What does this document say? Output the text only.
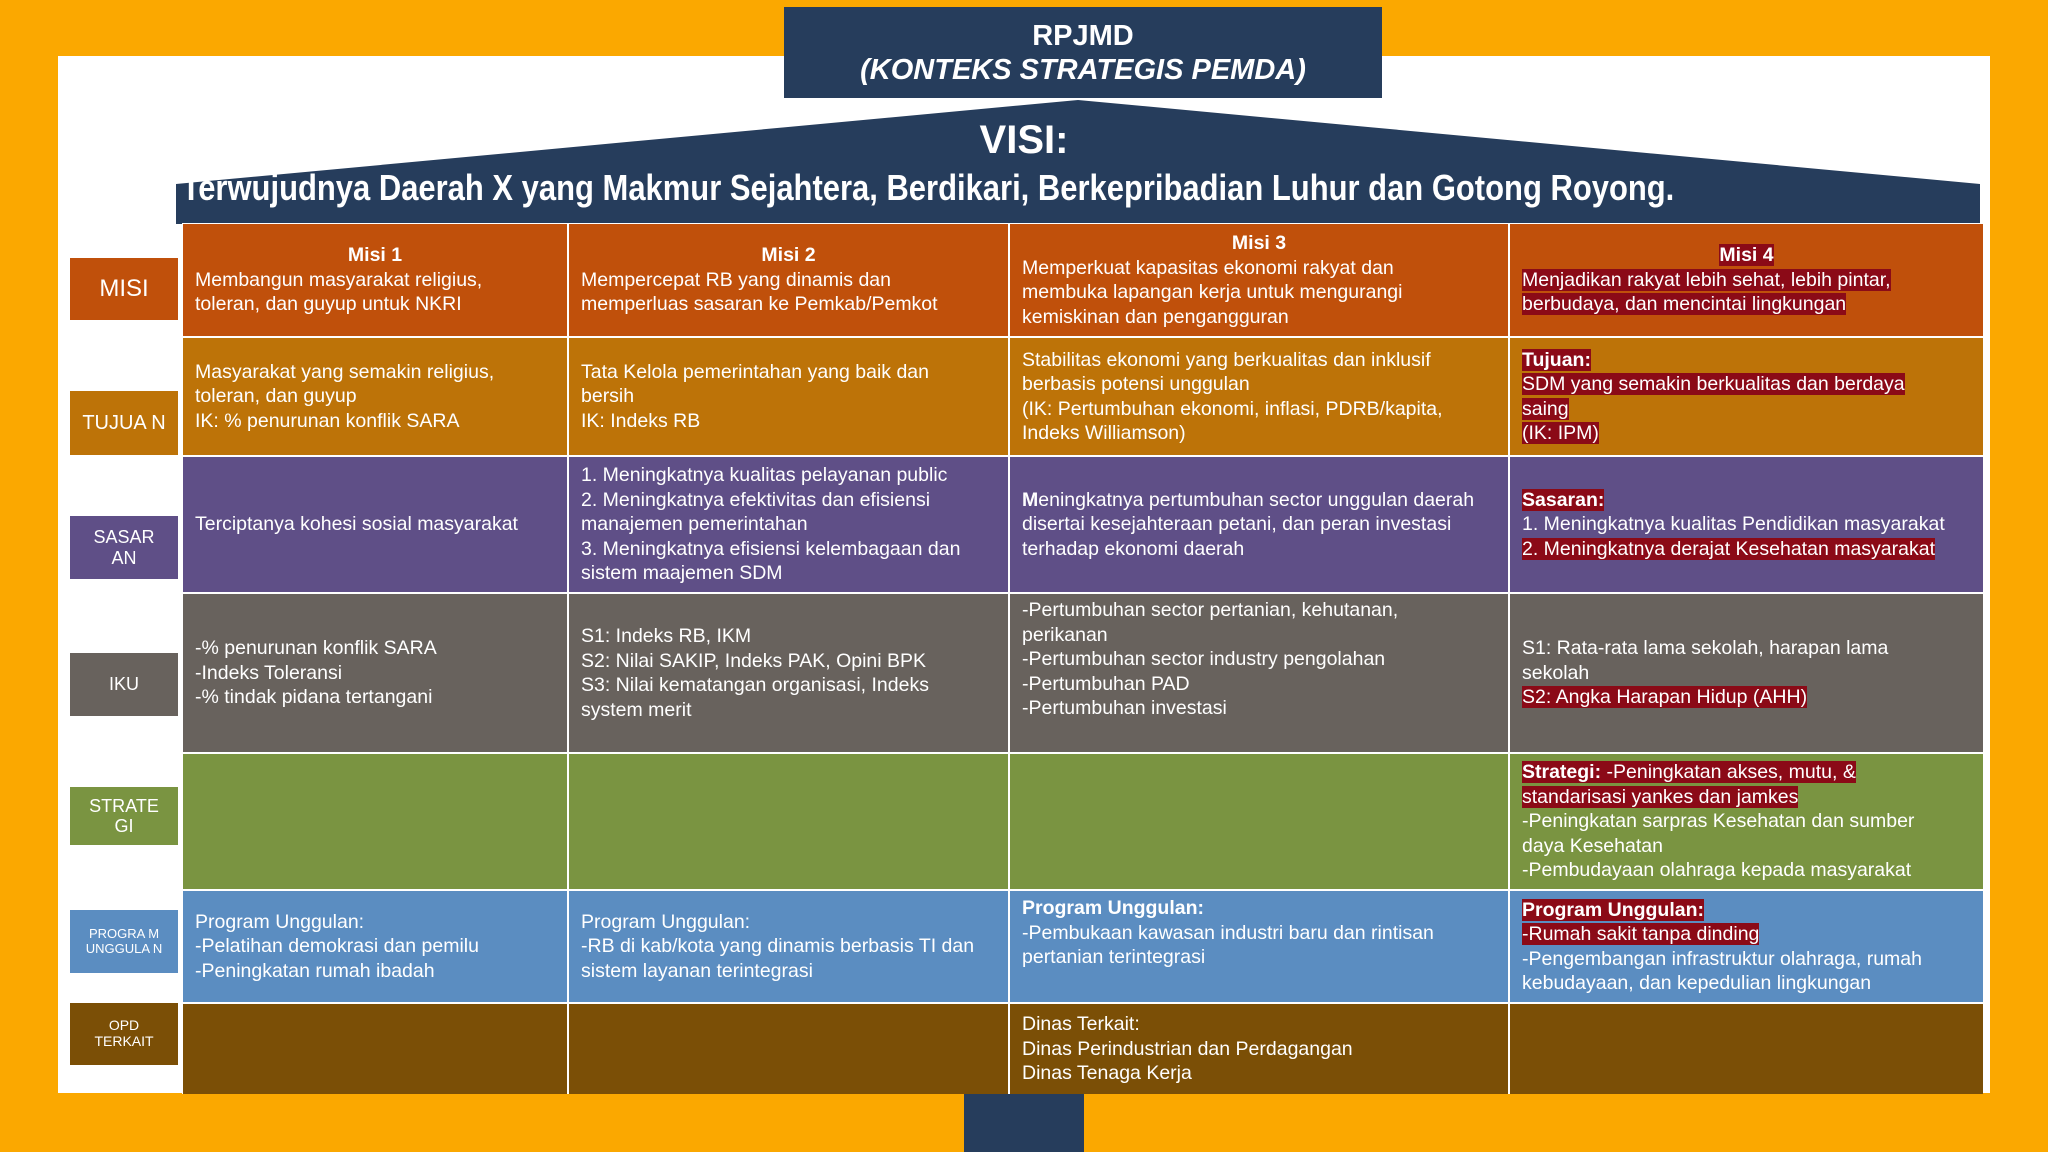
RPJMD
(KONTEKS STRATEGIS PEMDA)
VISI:
Terwujudnya Daerah X yang Makmur Sejahtera, Berdikari, Berkepribadian Luhur dan Gotong Royong.
MISI
TUJUA N
SASAR AN
IKU
STRATE GI
PROGRA M UNGGULA N
OPD TERKAIT
Misi 1
Membangun masyarakat religius,
toleran, dan guyup untuk NKRI
Misi 2
Mempercepat RB yang dinamis dan
memperluas sasaran ke Pemkab/Pemkot
Misi 3
Memperkuat kapasitas ekonomi rakyat dan
membuka lapangan kerja untuk mengurangi
kemiskinan dan pengangguran
Misi 4
Menjadikan rakyat lebih sehat, lebih pintar,
berbudaya, dan mencintai lingkungan
Masyarakat yang semakin religius,
toleran, dan guyup
IK: % penurunan konflik SARA
Tata Kelola pemerintahan yang baik dan
bersih
IK: Indeks RB
Stabilitas ekonomi yang berkualitas dan inklusif
berbasis potensi unggulan
(IK: Pertumbuhan ekonomi, inflasi, PDRB/kapita,
Indeks Williamson)
Tujuan:
SDM yang semakin berkualitas dan berdaya
saing
(IK: IPM)
Terciptanya kohesi sosial masyarakat
1. Meningkatnya kualitas pelayanan public
2. Meningkatnya efektivitas dan efisiensi
manajemen pemerintahan
3. Meningkatnya efisiensi kelembagaan dan
sistem maajemen SDM
Meningkatnya pertumbuhan sector unggulan daerah
disertai kesejahteraan petani, dan peran investasi
terhadap ekonomi daerah
Sasaran:
1. Meningkatnya kualitas Pendidikan masyarakat
2. Meningkatnya derajat Kesehatan masyarakat
-% penurunan konflik SARA
-Indeks Toleransi
-% tindak pidana tertangani
S1: Indeks RB, IKM
S2: Nilai SAKIP, Indeks PAK, Opini BPK
S3: Nilai kematangan organisasi, Indeks
system merit
-Pertumbuhan sector pertanian, kehutanan,
perikanan
-Pertumbuhan sector industry pengolahan
-Pertumbuhan PAD
-Pertumbuhan investasi
S1: Rata-rata lama sekolah, harapan lama
sekolah
S2: Angka Harapan Hidup (AHH)
Strategi: -Peningkatan akses, mutu, &
standarisasi yankes dan jamkes
-Peningkatan sarpras Kesehatan dan sumber
daya Kesehatan
-Pembudayaan olahraga kepada masyarakat
Program Unggulan:
-Pelatihan demokrasi dan pemilu
-Peningkatan rumah ibadah
Program Unggulan:
-RB di kab/kota yang dinamis berbasis TI dan
sistem layanan terintegrasi
Program Unggulan:
-Pembukaan kawasan industri baru dan rintisan
pertanian terintegrasi
Program Unggulan:
-Rumah sakit tanpa dinding
-Pengembangan infrastruktur olahraga, rumah
kebudayaan, dan kepedulian lingkungan
Dinas Terkait:
Dinas Perindustrian dan Perdagangan
Dinas Tenaga Kerja
